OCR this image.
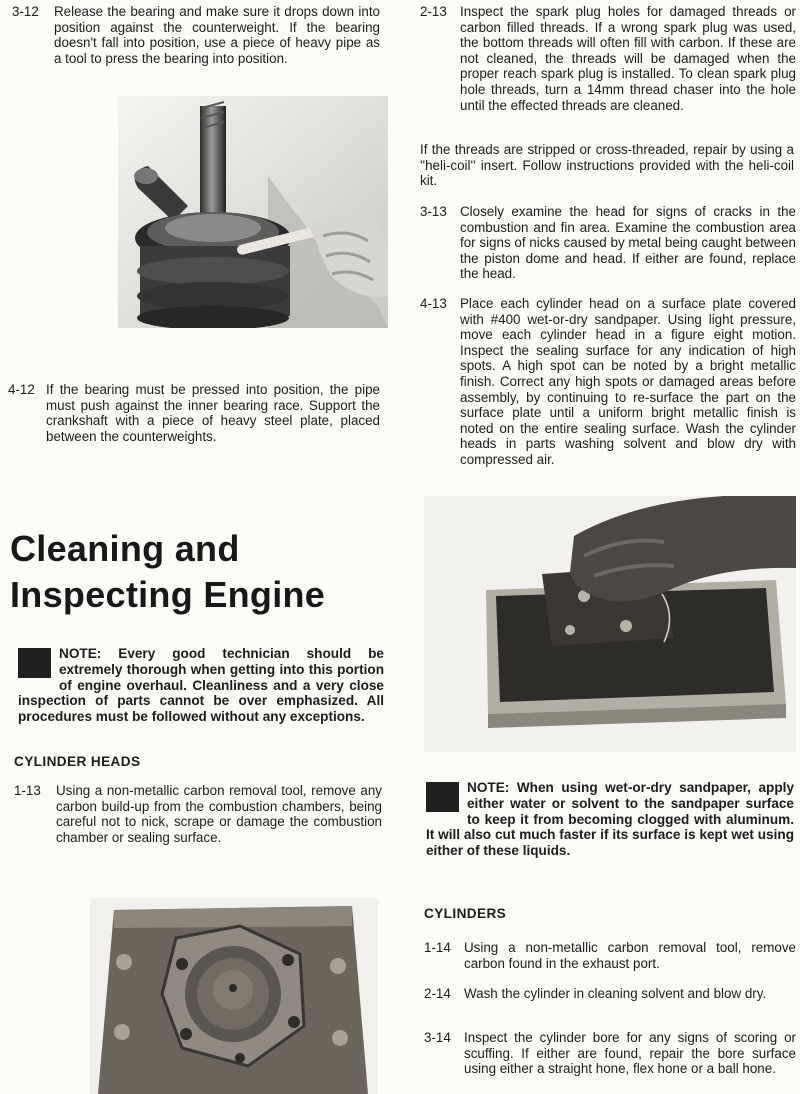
3-12 Release the bearing and make sure it drops down into position against the counterweight. If the bearing doesn't fall into position, use a piece of heavy pipe as a tool to press the bearing into position.
4-12 If the bearing must be pressed into position, the pipe must push against the inner bearing race. Support the crankshaft with a piece of heavy steel plate, placed between the counterweights.
Cleaning and
Inspecting Engine
NOTE: Every good technician should be extremely thorough when getting into this portion of engine overhaul. Cleanliness and a very close inspection of parts cannot be over emphasized. All procedures must be followed without any exceptions.
CYLINDER HEADS
1-13 Using a non-metallic carbon removal tool, remove any carbon build-up from the combustion chambers, being careful not to nick, scrape or damage the combustion chamber or sealing surface.
2-13 Inspect the spark plug holes for damaged threads or carbon filled threads. If a wrong spark plug was used, the bottom threads will often fill with carbon. If these are not cleaned, the threads will be damaged when the proper reach spark plug is installed. To clean spark plug hole threads, turn a 14mm thread chaser into the hole until the effected threads are cleaned.
If the threads are stripped or cross-threaded, repair by using a ''heli-coil'' insert. Follow instructions provided with the heli-coil kit.
3-13 Closely examine the head for signs of cracks in the combustion and fin area. Examine the combustion area for signs of nicks caused by metal being caught between the piston dome and head. If either are found, replace the head.
4-13 Place each cylinder head on a surface plate covered with #400 wet-or-dry sandpaper. Using light pressure, move each cylinder head in a figure eight motion. Inspect the sealing surface for any indication of high spots. A high spot can be noted by a bright metallic finish. Correct any high spots or damaged areas before assembly, by continuing to re-surface the part on the surface plate until a uniform bright metallic finish is noted on the entire sealing surface. Wash the cylinder heads in parts washing solvent and blow dry with compressed air.
NOTE: When using wet-or-dry sandpaper, apply either water or solvent to the sandpaper surface to keep it from becoming clogged with aluminum. It will also cut much faster if its surface is kept wet using either of these liquids.
CYLINDERS
1-14 Using a non-metallic carbon removal tool, remove carbon found in the exhaust port.
2-14 Wash the cylinder in cleaning solvent and blow dry.
3-14 Inspect the cylinder bore for any signs of scoring or scuffing. If either are found, repair the bore surface using either a straight hone, flex hone or a ball hone.
